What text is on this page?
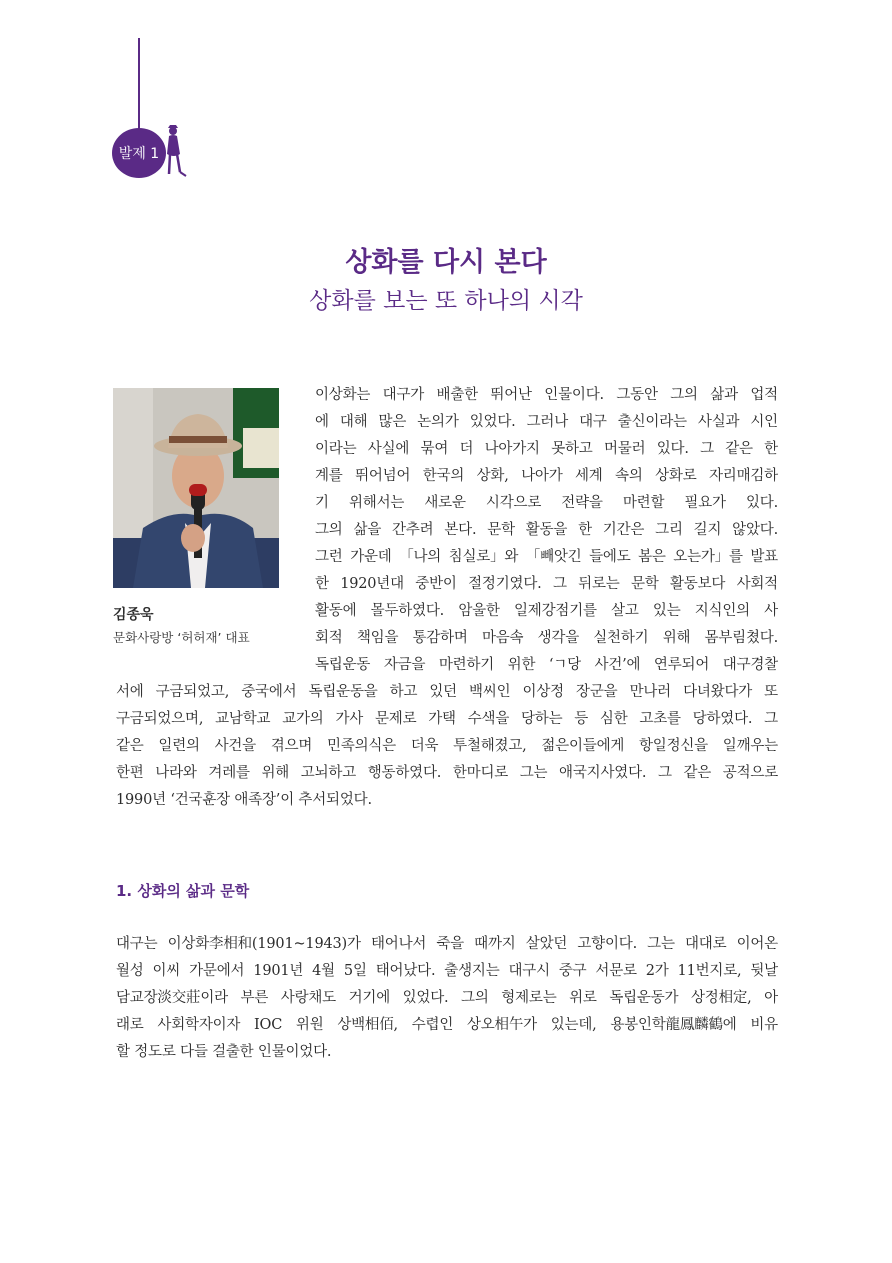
발제 1
상화를 다시 본다
상화를 보는 또 하나의 시각
김종욱
문화사랑방 ‘허허재’ 대표
이상화는 대구가 배출한 뛰어난 인물이다. 그동안 그의 삶과 업적
에 대해 많은 논의가 있었다. 그러나 대구 출신이라는 사실과 시인
이라는 사실에 묶여 더 나아가지 못하고 머물러 있다. 그 같은 한
계를 뛰어넘어 한국의 상화, 나아가 세계 속의 상화로 자리매김하
기 위해서는 새로운 시각으로 전략을 마련할 필요가 있다.
그의 삶을 간추려 본다. 문학 활동을 한 기간은 그리 길지 않았다.
그런 가운데 「나의 침실로」와 「빼앗긴 들에도 봄은 오는가」를 발표
한 1920년대 중반이 절정기였다. 그 뒤로는 문학 활동보다 사회적
활동에 몰두하였다. 암울한 일제강점기를 살고 있는 지식인의 사
회적 책임을 통감하며 마음속 생각을 실천하기 위해 몸부림쳤다.
독립운동 자금을 마련하기 위한 ‘ㄱ당 사건’에 연루되어 대구경찰
서에 구금되었고, 중국에서 독립운동을 하고 있던 백씨인 이상정 장군을 만나러 다녀왔다가 또
구금되었으며, 교남학교 교가의 가사 문제로 가택 수색을 당하는 등 심한 고초를 당하였다. 그
같은 일련의 사건을 겪으며 민족의식은 더욱 투철해졌고, 젊은이들에게 항일정신을 일깨우는
한편 나라와 겨레를 위해 고뇌하고 행동하였다. 한마디로 그는 애국지사였다. 그 같은 공적으로
1990년 ‘건국훈장 애족장’이 추서되었다.
1. 상화의 삶과 문학
대구는 이상화李相和(1901~1943)가 태어나서 죽을 때까지 살았던 고향이다. 그는 대대로 이어온
월성 이씨 가문에서 1901년 4월 5일 태어났다. 출생지는 대구시 중구 서문로 2가 11번지로, 뒷날
담교장淡交莊이라 부른 사랑채도 거기에 있었다. 그의 형제로는 위로 독립운동가 상정相定, 아
래로 사회학자이자 IOC 위원 상백相佰, 수렵인 상오相午가 있는데, 용봉인학龍鳳麟鶴에 비유
할 정도로 다들 걸출한 인물이었다.
